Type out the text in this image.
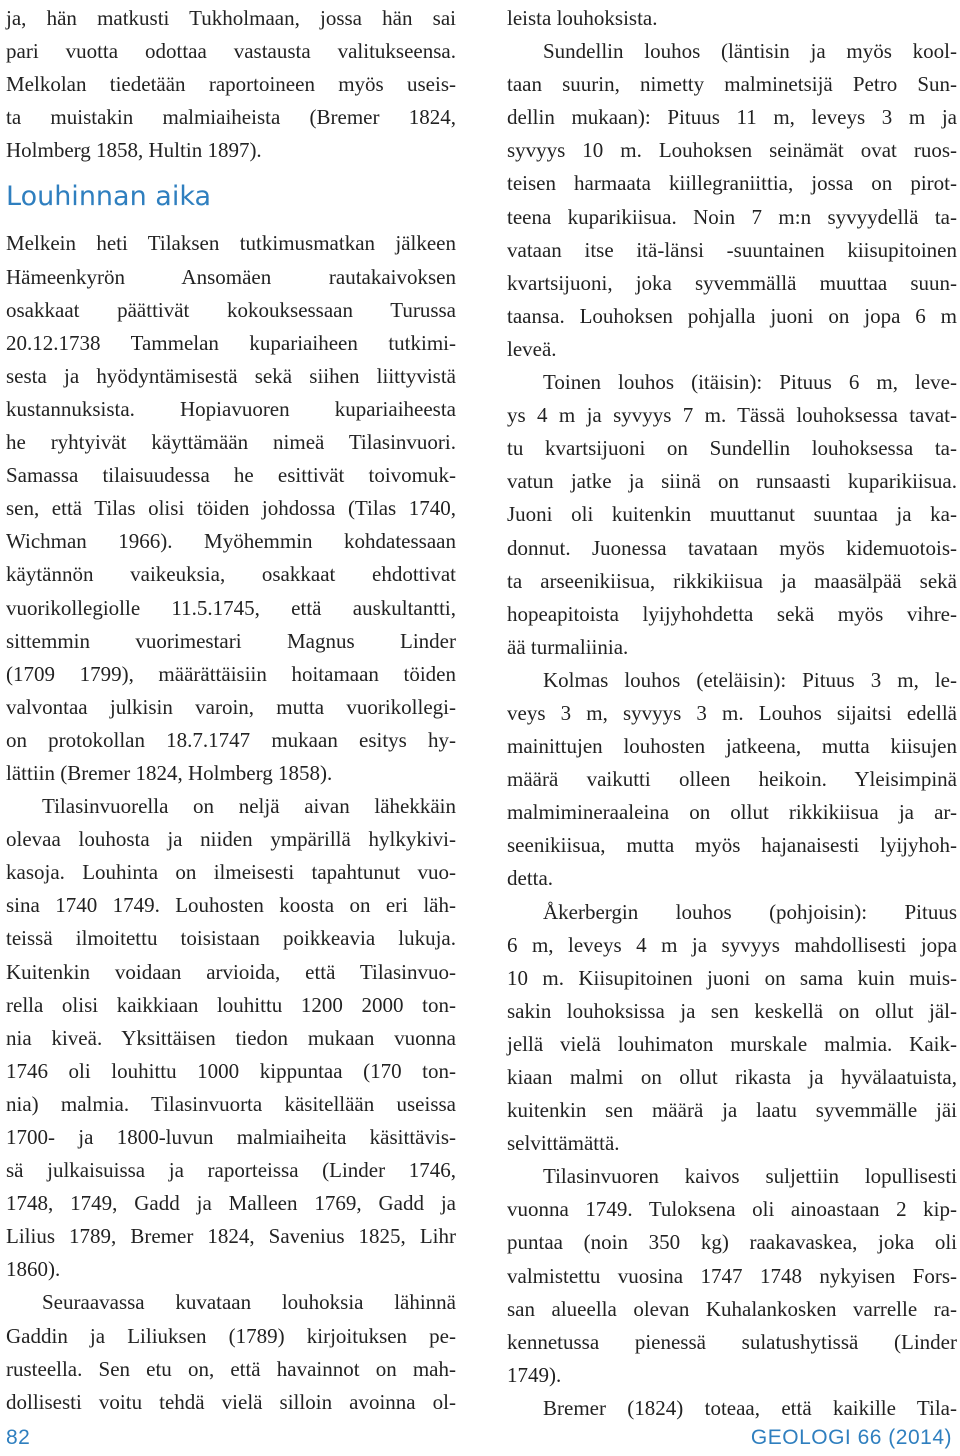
ja, hän matkusti Tukholmaan, jossa hän sai
pari vuotta odottaa vastausta valitukseensa.
Melkolan tiedetään raportoineen myös useis-
ta muistakin malmiaiheista (Bremer 1824,
Holmberg 1858, Hultin 1897).
Louhinnan aika
Melkein heti Tilaksen tutkimusmatkan jälkeen
Hämeenkyrön Ansomäen rautakaivoksen
osakkaat päättivät kokouksessaan Turussa
20.12.1738 Tammelan kupariaiheen tutkimi-
sesta ja hyödyntämisestä sekä siihen liittyvistä
kustannuksista. Hopiavuoren kupariaiheesta
he ryhtyivät käyttämään nimeä Tilasinvuori.
Samassa tilaisuudessa he esittivät toivomuk-
sen, että Tilas olisi töiden johdossa (Tilas 1740,
Wichman 1966). Myöhemmin kohdatessaan
käytännön vaikeuksia, osakkaat ehdottivat
vuorikollegiolle 11.5.1745, että auskultantti,
sittemmin vuorimestari Magnus Linder
(1709 1799), määrättäisiin hoitamaan töiden
valvontaa julkisin varoin, mutta vuorikollegi-
on protokollan 18.7.1747 mukaan esitys hy-
lättiin (Bremer 1824, Holmberg 1858).
Tilasinvuorella on neljä aivan lähekkäin
olevaa louhosta ja niiden ympärillä hylkykivi-
kasoja. Louhinta on ilmeisesti tapahtunut vuo-
sina 1740 1749. Louhosten koosta on eri läh-
teissä ilmoitettu toisistaan poikkeavia lukuja.
Kuitenkin voidaan arvioida, että Tilasinvuo-
rella olisi kaikkiaan louhittu 1200 2000 ton-
nia kiveä. Yksittäisen tiedon mukaan vuonna
1746 oli louhittu 1000 kippuntaa (170 ton-
nia) malmia. Tilasinvuorta käsitellään useissa
1700- ja 1800-luvun malmiaiheita käsittävis-
sä julkaisuissa ja raporteissa (Linder 1746,
1748, 1749, Gadd ja Malleen 1769, Gadd ja
Lilius 1789, Bremer 1824, Savenius 1825, Lihr
1860).
Seuraavassa kuvataan louhoksia lähinnä
Gaddin ja Liliuksen (1789) kirjoituksen pe-
rusteella. Sen etu on, että havainnot on mah-
dollisesti voitu tehdä vielä silloin avoinna ol-
leista louhoksista.
Sundellin louhos (läntisin ja myös kool-
taan suurin, nimetty malminetsijä Petro Sun-
dellin mukaan): Pituus 11 m, leveys 3 m ja
syvyys 10 m. Louhoksen seinämät ovat ruos-
teisen harmaata kiillegraniittia, jossa on pirot-
teena kuparikiisua. Noin 7 m:n syvyydellä ta-
vataan itse itä-länsi -suuntainen kiisupitoinen
kvartsijuoni, joka syvemmällä muuttaa suun-
taansa. Louhoksen pohjalla juoni on jopa 6 m
leveä.
Toinen louhos (itäisin): Pituus 6 m, leve-
ys 4 m ja syvyys 7 m. Tässä louhoksessa tavat-
tu kvartsijuoni on Sundellin louhoksessa ta-
vatun jatke ja siinä on runsaasti kuparikiisua.
Juoni oli kuitenkin muuttanut suuntaa ja ka-
donnut. Juonessa tavataan myös kidemuotois-
ta arseenikiisua, rikkikiisua ja maasälpää sekä
hopeapitoista lyijyhohdetta sekä myös vihre-
ää turmaliinia.
Kolmas louhos (eteläisin): Pituus 3 m, le-
veys 3 m, syvyys 3 m. Louhos sijaitsi edellä
mainittujen louhosten jatkeena, mutta kiisujen
määrä vaikutti olleen heikoin. Yleisimpinä
malmimineraaleina on ollut rikkikiisua ja ar-
seenikiisua, mutta myös hajanaisesti lyijyhoh-
detta.
Åkerbergin louhos (pohjoisin): Pituus
6 m, leveys 4 m ja syvyys mahdollisesti jopa
10 m. Kiisupitoinen juoni on sama kuin muis-
sakin louhoksissa ja sen keskellä on ollut jäl-
jellä vielä louhimaton murskale malmia. Kaik-
kiaan malmi on ollut rikasta ja hyvälaatuista,
kuitenkin sen määrä ja laatu syvemmälle jäi
selvittämättä.
Tilasinvuoren kaivos suljettiin lopullisesti
vuonna 1749. Tuloksena oli ainoastaan 2 kip-
puntaa (noin 350 kg) raakavaskea, joka oli
valmistettu vuosina 1747 1748 nykyisen Fors-
san alueella olevan Kuhalankosken varrelle ra-
kennetussa pienessä sulatushytissä (Linder
1749).
Bremer (1824) toteaa, että kaikille Tila-
82	GEOLOGI 66 (2014)
